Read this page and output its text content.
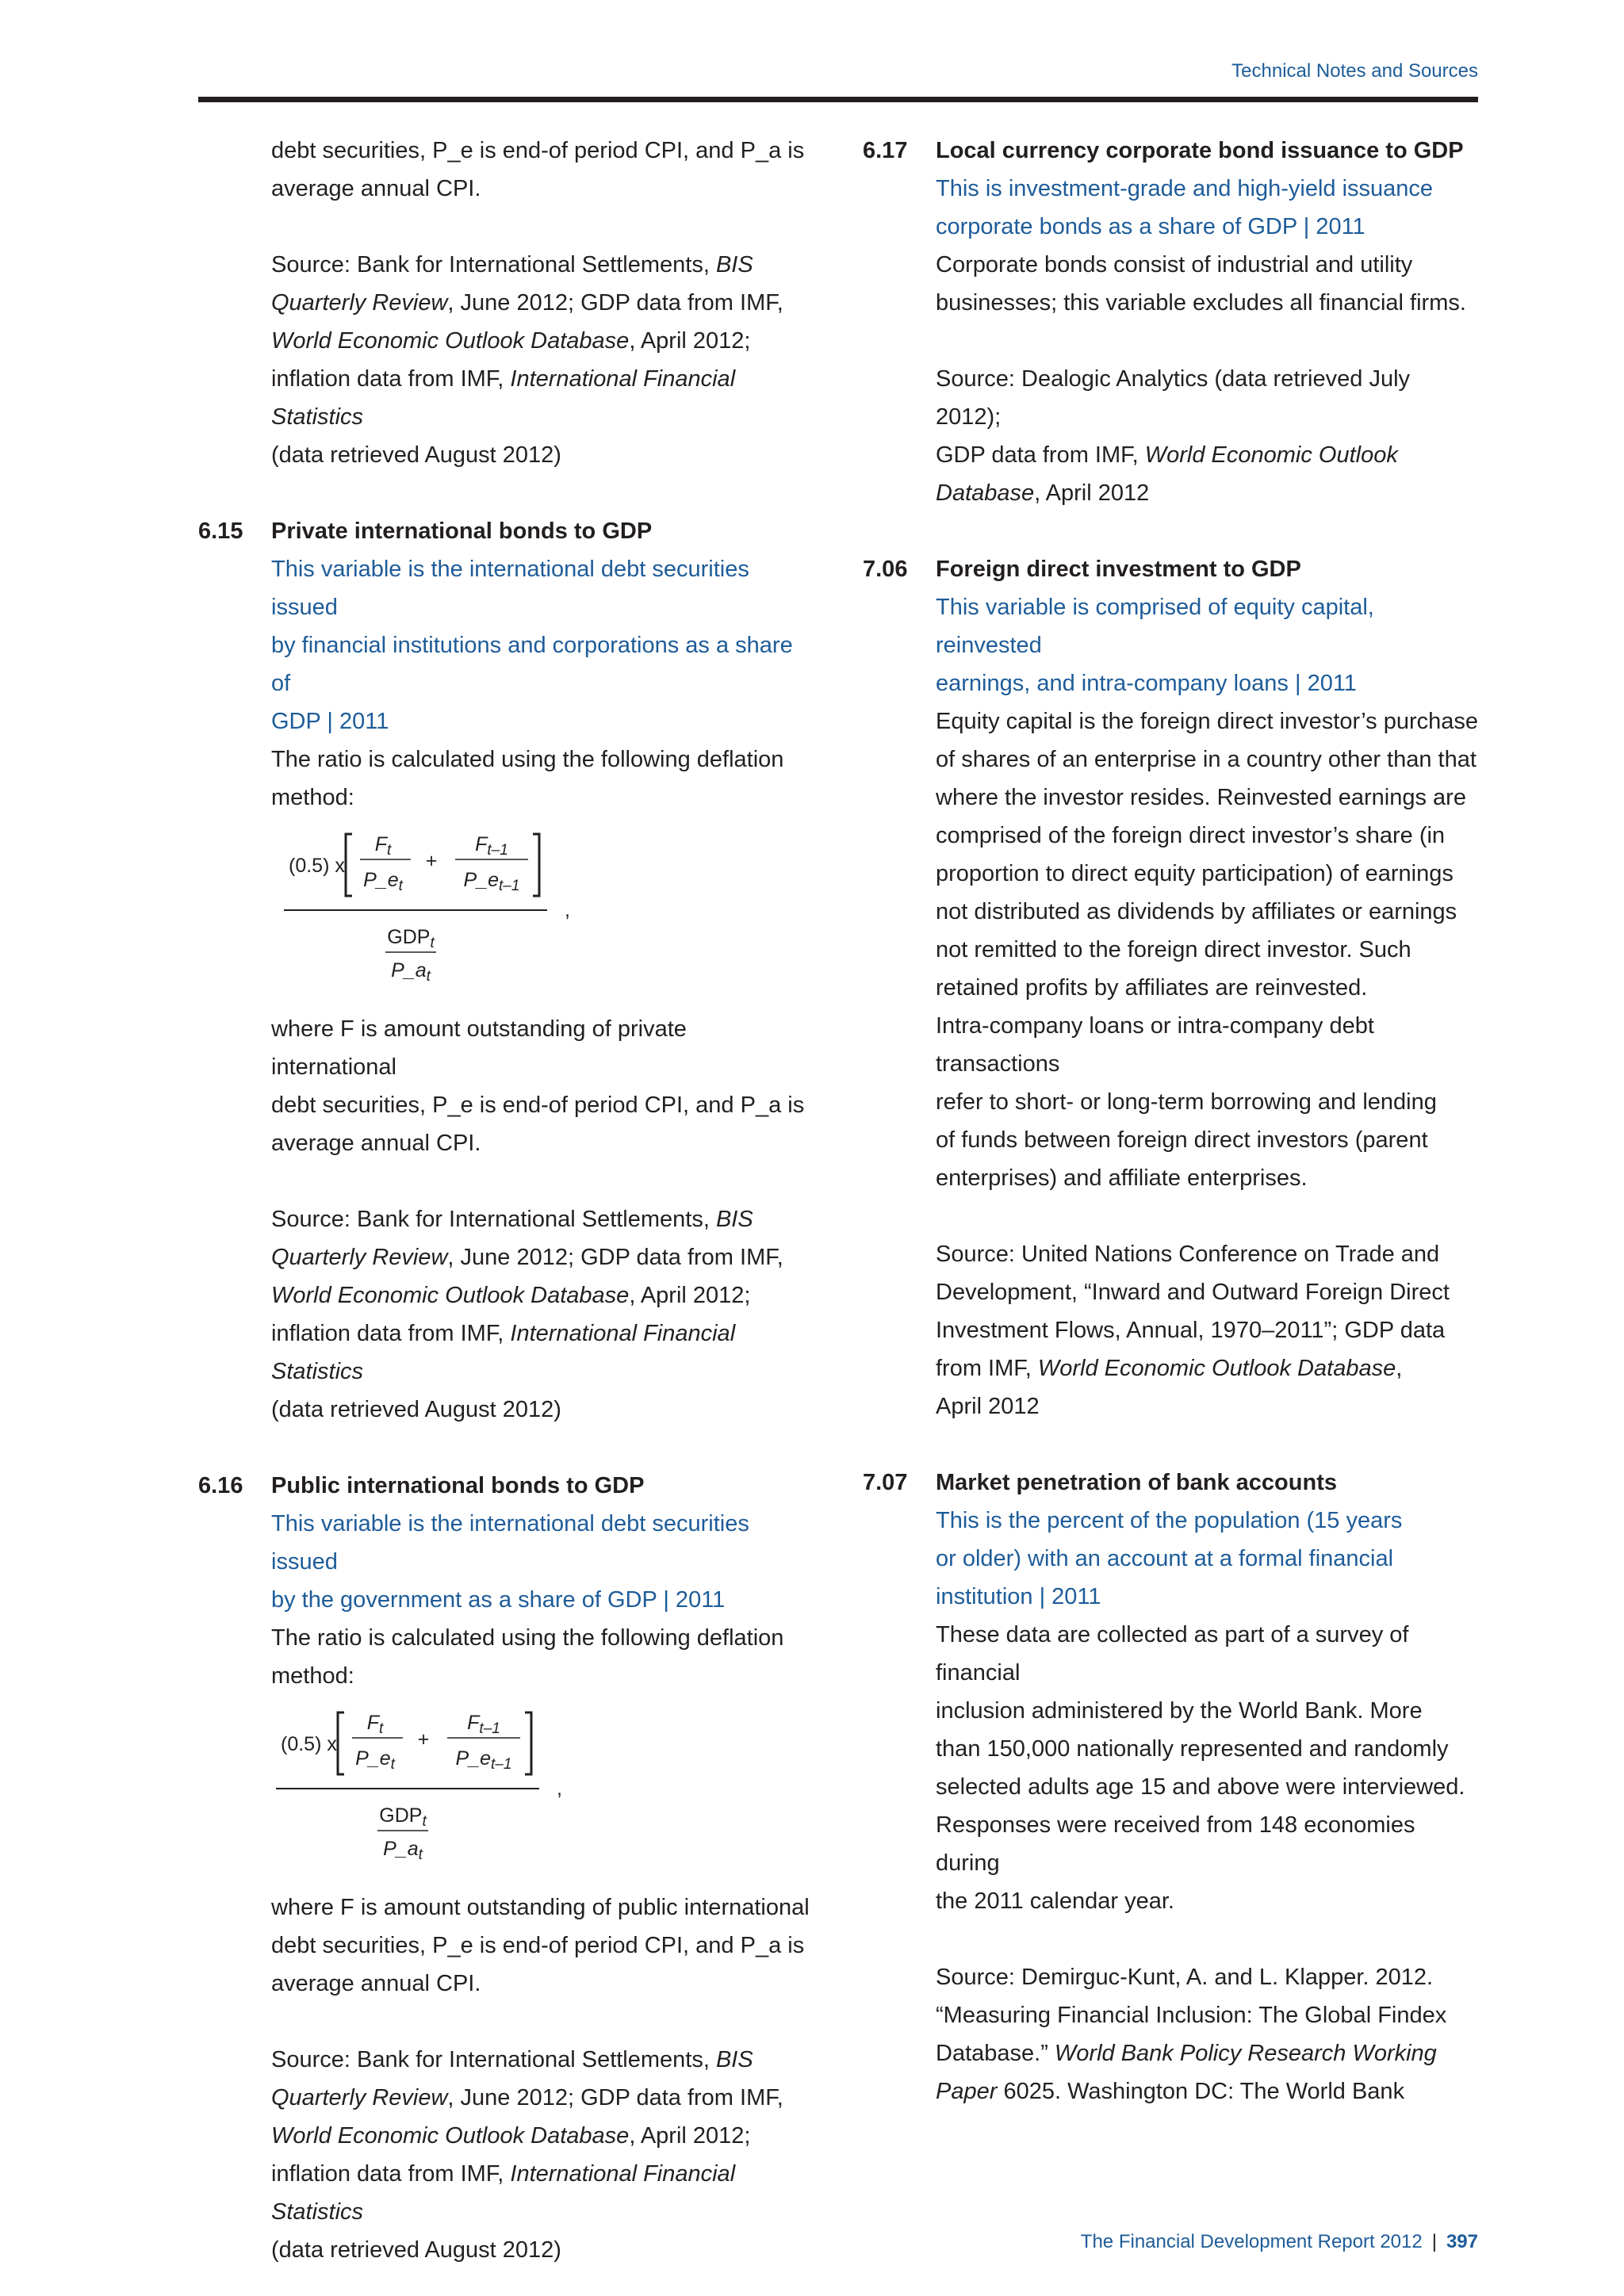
Technical Notes and Sources

debt securities, P_e is end-of period CPI, and P_a is

average annual CPI.

Source: Bank for International Settlements, BIS

Quarterly Review, June 2012; GDP data from IMF,

World Economic Outlook Database, April 2012;

inflation data from IMF, International Financial Statistics

(data retrieved August 2012)

6.15 Private international bonds to GDP

This variable is the international debt securities issued

by financial institutions and corporations as a share of

GDP | 2011

The ratio is calculated using the following deflation

method:

(0.5) x
$F_t$
$P\_e_t$
+
$F_{t-1}$
$P\_e_{t-1}$
,
$GDP_t$
$P\_a_t$

where F is amount outstanding of private international

debt securities, P_e is end-of period CPI, and P_a is

average annual CPI.

Source: Bank for International Settlements, BIS

Quarterly Review, June 2012; GDP data from IMF,

World Economic Outlook Database, April 2012;

inflation data from IMF, International Financial Statistics

(data retrieved August 2012)

6.16 Public international bonds to GDP

This variable is the international debt securities issued

by the government as a share of GDP | 2011

The ratio is calculated using the following deflation

method:

(0.5) x
$F_t$
$P\_e_t$
+
$F_{t-1}$
$P\_e_{t-1}$
,
$GDP_t$
$P\_a_t$

where F is amount outstanding of public international

debt securities, P_e is end-of period CPI, and P_a is

average annual CPI.

Source: Bank for International Settlements, BIS

Quarterly Review, June 2012; GDP data from IMF,

World Economic Outlook Database, April 2012;

inflation data from IMF, International Financial Statistics

(data retrieved August 2012)

6.17 Local currency corporate bond issuance to GDP

This is investment-grade and high-yield issuance

corporate bonds as a share of GDP | 2011

Corporate bonds consist of industrial and utility

businesses; this variable excludes all financial firms.

Source: Dealogic Analytics (data retrieved July 2012);

GDP data from IMF, World Economic Outlook

Database, April 2012

7.06 Foreign direct investment to GDP

This variable is comprised of equity capital, reinvested

earnings, and intra-company loans | 2011

Equity capital is the foreign direct investor’s purchase

of shares of an enterprise in a country other than that

where the investor resides. Reinvested earnings are

comprised of the foreign direct investor’s share (in

proportion to direct equity participation) of earnings

not distributed as dividends by affiliates or earnings

not remitted to the foreign direct investor. Such

retained profits by affiliates are reinvested.

Intra-company loans or intra-company debt transactions

refer to short- or long-term borrowing and lending

of funds between foreign direct investors (parent

enterprises) and affiliate enterprises.

Source: United Nations Conference on Trade and

Development, “Inward and Outward Foreign Direct

Investment Flows, Annual, 1970–2011”; GDP data

from IMF, World Economic Outlook Database,

April 2012

7.07 Market penetration of bank accounts

This is the percent of the population (15 years

or older) with an account at a formal financial

institution | 2011

These data are collected as part of a survey of financial

inclusion administered by the World Bank. More

than 150,000 nationally represented and randomly

selected adults age 15 and above were interviewed.

Responses were received from 148 economies during

the 2011 calendar year.

Source: Demirguc-Kunt, A. and L. Klapper. 2012.

“Measuring Financial Inclusion: The Global Findex

Database.” World Bank Policy Research Working

Paper 6025. Washington DC: The World Bank

The Financial Development Report 2012 | 397
